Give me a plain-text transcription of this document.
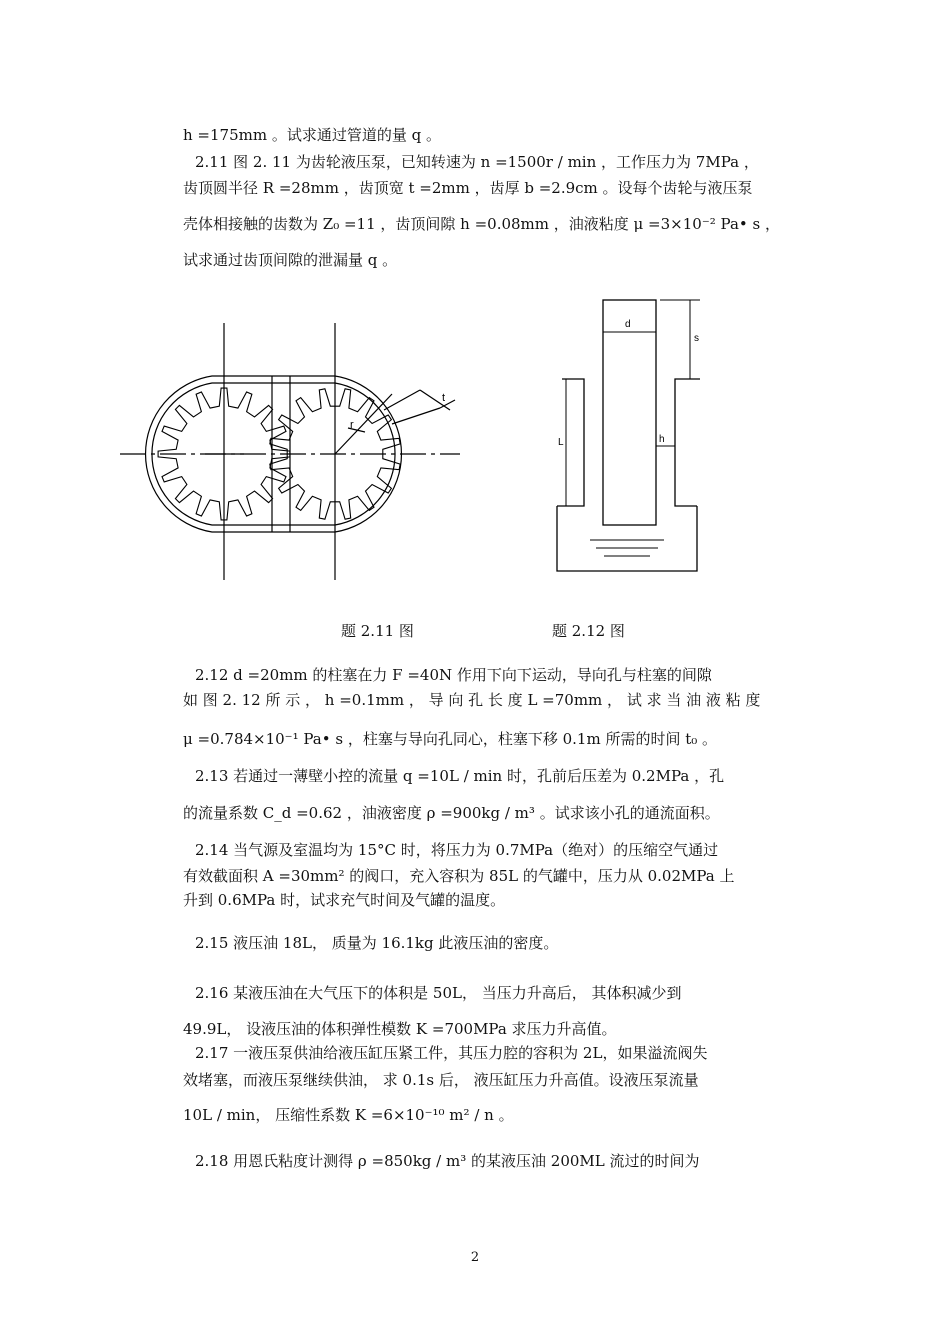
h =175mm 。试求通过管道的量 q 。
2.11 图 2. 11 为齿轮液压泵，已知转速为 n =1500r / min ，工作压力为 7MPa ，
齿顶圆半径 R =28mm ，齿顶宽 t =2mm ，齿厚 b =2.9cm 。设每个齿轮与液压泵
壳体相接触的齿数为 Z₀ =11 ，齿顶间隙 h =0.08mm ，油液粘度 μ =3×10⁻² Pa• s ，
试求通过齿顶间隙的泄漏量 q 。
t
r
d
s
L	h
题 2.11 图	题 2.12 图
2.12 d =20mm 的柱塞在力 F =40N 作用下向下运动，导向孔与柱塞的间隙
如 图 2. 12 所 示 ， h =0.1mm ， 导 向 孔 长 度 L =70mm ， 试 求 当 油 液 粘 度
μ =0.784×10⁻¹ Pa• s ，柱塞与导向孔同心，柱塞下移 0.1m 所需的时间 t₀ 。
2.13 若通过一薄壁小控的流量 q =10L / min 时，孔前后压差为 0.2MPa ，孔
的流量系数 C_d =0.62 ，油液密度 ρ =900kg / m³ 。试求该小孔的通流面积。
2.14 当气源及室温均为 15°C 时，将压力为 0.7MPa（绝对）的压缩空气通过
有效截面积 A =30mm² 的阀口，充入容积为 85L 的气罐中，压力从 0.02MPa 上
升到 0.6MPa 时，试求充气时间及气罐的温度。
2.15 液压油 18L， 质量为 16.1kg 此液压油的密度。
2.16 某液压油在大气压下的体积是 50L， 当压力升高后， 其体积减少到
49.9L， 设液压油的体积弹性模数 K =700MPa 求压力升高值。
2.17 一液压泵供油给液压缸压紧工件，其压力腔的容积为 2L，如果溢流阀失
效堵塞，而液压泵继续供油， 求 0.1s 后， 液压缸压力升高值。设液压泵流量
10L / min， 压缩性系数 K =6×10⁻¹⁰ m² / n 。
2.18 用恩氏粘度计测得 ρ =850kg / m³ 的某液压油 200ML 流过的时间为
2
